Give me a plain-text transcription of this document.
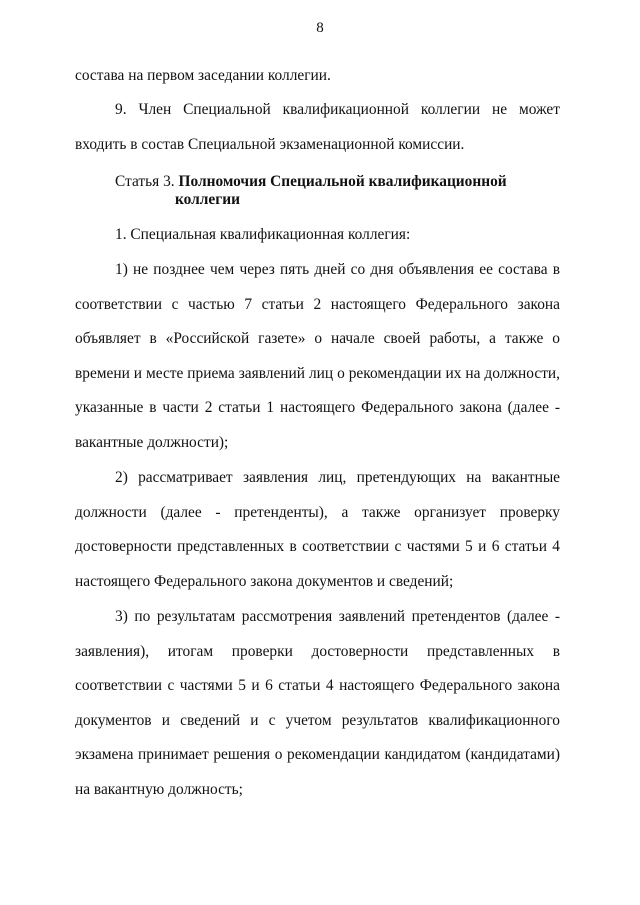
8
состава на первом заседании коллегии.
9. Член Специальной квалификационной коллегии не может входить в состав Специальной экзаменационной комиссии.
Статья 3. Полномочия Специальной квалификационной
коллегии
1. Специальная квалификационная коллегия:
1) не позднее чем через пять дней со дня объявления ее состава в соответствии с частью 7 статьи 2 настоящего Федерального закона объявляет в «Российской газете» о начале своей работы, а также о времени и месте приема заявлений лиц о рекомендации их на должности, указанные в части 2 статьи 1 настоящего Федерального закона (далее - вакантные должности);
2) рассматривает заявления лиц, претендующих на вакантные должности (далее - претенденты), а также организует проверку достоверности представленных в соответствии с частями 5 и 6 статьи 4 настоящего Федерального закона документов и сведений;
3) по результатам рассмотрения заявлений претендентов (далее - заявления), итогам проверки достоверности представленных в соответствии с частями 5 и 6 статьи 4 настоящего Федерального закона документов и сведений и с учетом результатов квалификационного экзамена принимает решения о рекомендации кандидатом (кандидатами) на вакантную должность;
